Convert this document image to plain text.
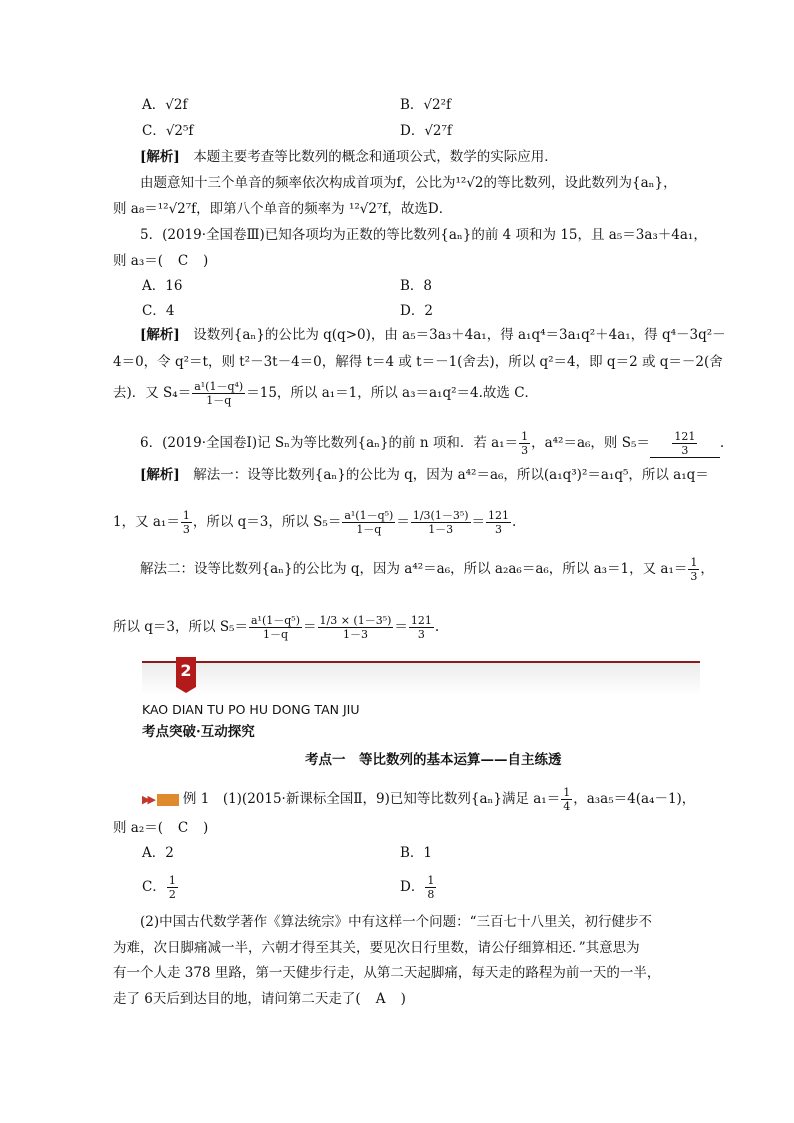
A．√2f	B．√2²f
C．√2⁵f	D．√2⁷f
[解析]　 本题主要考查等比数列的概念和通项公式，数学的实际应用．
由题意知十三个单音的频率依次构成首项为f，公比为¹²√2的等比数列，设此数列为{aₙ}，
则 a₈＝¹²√2⁷f，即第八个单音的频率为 ¹²√2⁷f，故选D．
5．(2019·全国卷Ⅲ)已知各项均为正数的等比数列{aₙ}的前 4 项和为 15，且 a₅＝3a₃＋4a₁，
则 a₃＝( C )
A．16	B．8
C．4	D．2
[解析]　 设数列{aₙ}的公比为 q(q>0)，由 a₅＝3a₃＋4a₁，得 a₁q⁴＝3a₁q²＋4a₁，得 q⁴－3q²－
4＝0，令 q²＝t，则 t²－3t－4＝0，解得 t＝4 或 t＝－1(舍去)，所以 q²＝4，即 q＝2 或 q＝－2(舍
去)．又 $S_4= \frac{\text{a¹(1－q⁴)}}{1-q} =15$，所以 a₁＝1，所以 a₃＝a₁q²＝4.故选 C．
6．(2019·全国卷Ⅰ)记 Sₙ为等比数列{aₙ}的前 n 项和．若 $a_1= \frac{1}{3}$ ，a⁴²＝a₆，则 $S_5= \frac{121}{3}$ .
[解析]　 解法一：设等比数列{aₙ}的公比为 q，因为 a⁴²＝a₆，所以(a₁q³)²＝a₁q⁵，所以 a₁q＝
1，又 $a_1= \frac{1}{3}$ ，所以 q＝3，所以 $S_5= \frac{\text{a¹(1－q⁵)}}{1-q} = \frac{\text{1/3(1－3⁵)}}{1-3} = \frac{121}{3}$ .
解法二：设等比数列{aₙ}的公比为 q，因为 a⁴²＝a₆，所以 a₂a₆＝a₆，所以 a₃＝1，又 $a_1= \frac{1}{3}$ ，
所以 q＝3，所以 $S_5= \frac{\text{a¹(1－q⁵)}}{1-q} = \frac{\text{1/3 × (1－3⁵)}}{1-3} = \frac{121}{3}$ .
2
KAO DIAN TU PO HU DONG TAN JIU
考点突破·互动探究
考点一　等比数列的基本运算——自主练透
▶▶ 例 1　 (1)(2015·新课标全国Ⅱ，9)已知等比数列{aₙ}满足 $a_1= \frac{1}{4}$ ，a₃a₅＝4(a₄－1)，
则 a₂＝( C )
A．2	B．1
C． $\frac{1}{2}$	D． $\frac{1}{8}$
(2)中国古代数学著作《算法统宗》中有这样一个问题：“三百七十八里关，初行健步不
为难，次日脚痛减一半，六朝才得至其关，要见次日行里数，请公仔细算相还．”其意思为
有一个人走 378 里路，第一天健步行走，从第二天起脚痛，每天走的路程为前一天的一半，
走了 6天后到达目的地，请问第二天走了( A )
